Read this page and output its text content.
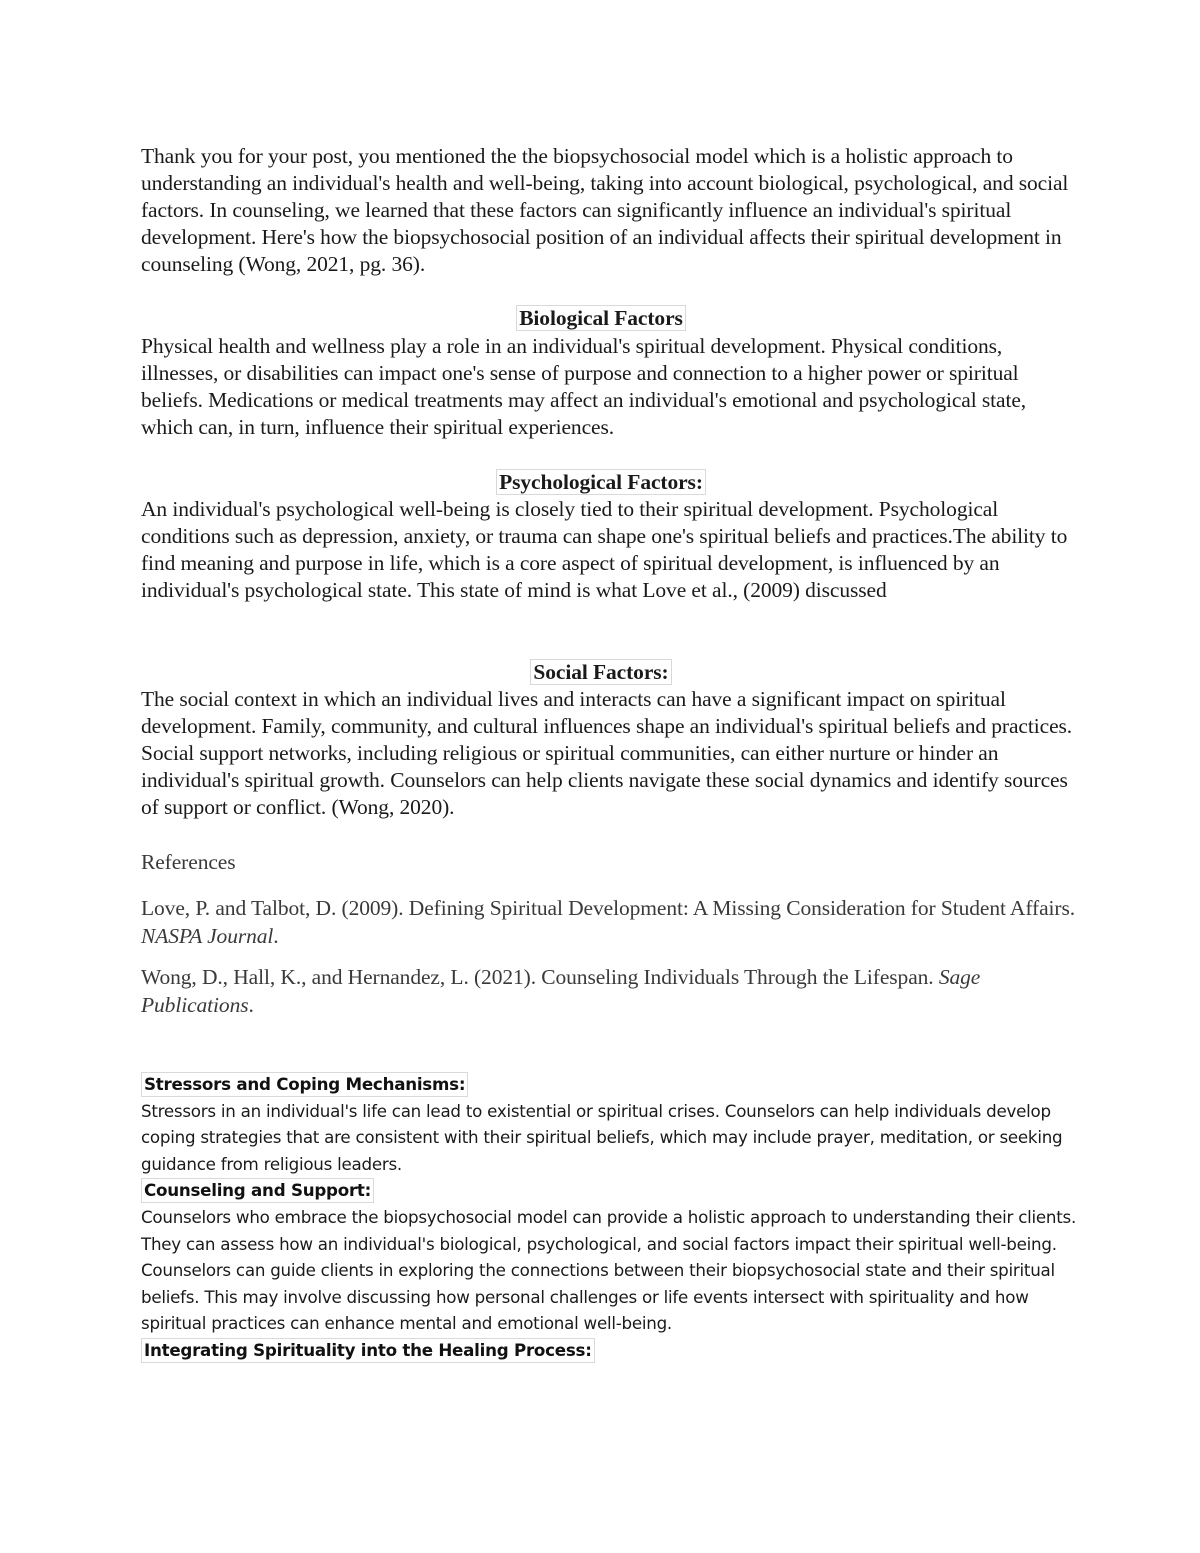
Thank you for your post, you mentioned the the biopsychosocial model which is a holistic approach to understanding an individual's health and well-being, taking into account biological, psychological, and social factors. In counseling, we learned that these factors can significantly influence an individual's spiritual development. Here's how the biopsychosocial position of an individual affects their spiritual development in counseling (Wong, 2021, pg. 36).

Biological Factors

Physical health and wellness play a role in an individual's spiritual development. Physical conditions, illnesses, or disabilities can impact one's sense of purpose and connection to a higher power or spiritual beliefs. Medications or medical treatments may affect an individual's emotional and psychological state, which can, in turn, influence their spiritual experiences.

Psychological Factors:

An individual's psychological well-being is closely tied to their spiritual development. Psychological conditions such as depression, anxiety, or trauma can shape one's spiritual beliefs and practices.The ability to find meaning and purpose in life, which is a core aspect of spiritual development, is influenced by an individual's psychological state. This state of mind is what Love et al., (2009) discussed

Social Factors:

The social context in which an individual lives and interacts can have a significant impact on spiritual development. Family, community, and cultural influences shape an individual's spiritual beliefs and practices. Social support networks, including religious or spiritual communities, can either nurture or hinder an individual's spiritual growth. Counselors can help clients navigate these social dynamics and identify sources of support or conflict. (Wong, 2020).

References

Love, P. and Talbot, D. (2009). Defining Spiritual Development: A Missing Consideration for Student Affairs. NASPA Journal.

Wong, D., Hall, K., and Hernandez, L. (2021). Counseling Individuals Through the Lifespan. Sage Publications.

Stressors and Coping Mechanisms:

Stressors in an individual's life can lead to existential or spiritual crises. Counselors can help individuals develop coping strategies that are consistent with their spiritual beliefs, which may include prayer, meditation, or seeking guidance from religious leaders.

Counseling and Support:

Counselors who embrace the biopsychosocial model can provide a holistic approach to understanding their clients. They can assess how an individual's biological, psychological, and social factors impact their spiritual well-being.

Counselors can guide clients in exploring the connections between their biopsychosocial state and their spiritual beliefs. This may involve discussing how personal challenges or life events intersect with spirituality and how spiritual practices can enhance mental and emotional well-being.

Integrating Spirituality into the Healing Process:
